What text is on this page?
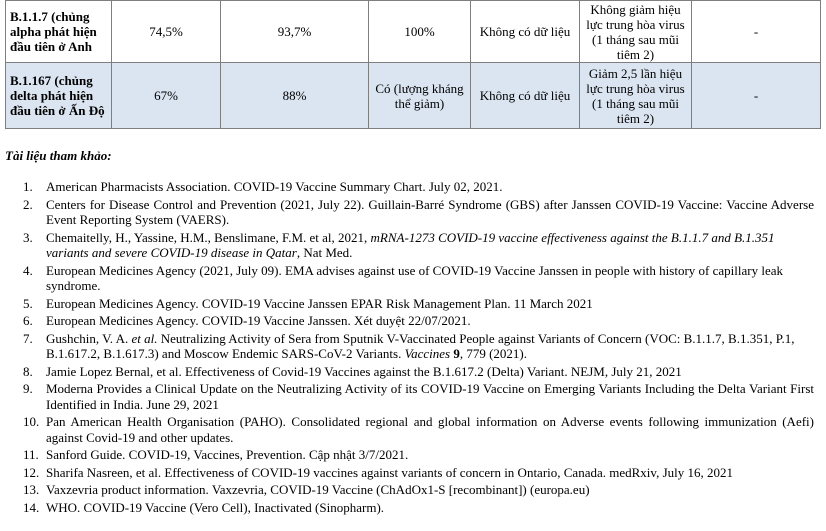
B.1.1.7 (chủng alpha phát hiện đầu tiên ở Anh	74,5%	93,7%	100%	Không có dữ liệu	Không giảm hiệu lực trung hòa virus (1 tháng sau mũi tiêm 2)	-
B.1.167 (chủng delta phát hiện đầu tiên ở Ấn Độ	67%	88%	Có (lượng kháng thể giảm)	Không có dữ liệu	Giảm 2,5 lần hiệu lực trung hòa virus (1 tháng sau mũi tiêm 2)	-
Tài liệu tham khảo:
1. American Pharmacists Association. COVID-19 Vaccine Summary Chart. July 02, 2021.
2. Centers for Disease Control and Prevention (2021, July 22). Guillain-Barré Syndrome (GBS) after Janssen COVID-19 Vaccine: Vaccine Adverse Event Reporting System (VAERS).
3. Chemaitelly, H., Yassine, H.M., Benslimane, F.M. et al, 2021, mRNA-1273 COVID-19 vaccine effectiveness against the B.1.1.7 and B.1.351 variants and severe COVID-19 disease in Qatar, Nat Med.
4. European Medicines Agency (2021, July 09). EMA advises against use of COVID-19 Vaccine Janssen in people with history of capillary leak syndrome.
5. European Medicines Agency. COVID-19 Vaccine Janssen EPAR Risk Management Plan. 11 March 2021
6. European Medicines Agency. COVID-19 Vaccine Janssen. Xét duyệt 22/07/2021.
7. Gushchin, V. A. et al. Neutralizing Activity of Sera from Sputnik V-Vaccinated People against Variants of Concern (VOC: B.1.1.7, B.1.351, P.1, B.1.617.2, B.1.617.3) and Moscow Endemic SARS-CoV-2 Variants. Vaccines 9, 779 (2021).
8. Jamie Lopez Bernal, et al. Effectiveness of Covid-19 Vaccines against the B.1.617.2 (Delta) Variant. NEJM, July 21, 2021
9. Moderna Provides a Clinical Update on the Neutralizing Activity of its COVID-19 Vaccine on Emerging Variants Including the Delta Variant First Identified in India. June 29, 2021
10. Pan American Health Organisation (PAHO). Consolidated regional and global information on Adverse events following immunization (Aefi) against Covid-19 and other updates.
11. Sanford Guide. COVID-19, Vaccines, Prevention. Cập nhật 3/7/2021.
12. Sharifa Nasreen, et al. Effectiveness of COVID-19 vaccines against variants of concern in Ontario, Canada. medRxiv, July 16, 2021
13. Vaxzevria product information. Vaxzevria, COVID-19 Vaccine (ChAdOx1-S [recombinant]) (europa.eu)
14. WHO. COVID-19 Vaccine (Vero Cell), Inactivated (Sinopharm).
